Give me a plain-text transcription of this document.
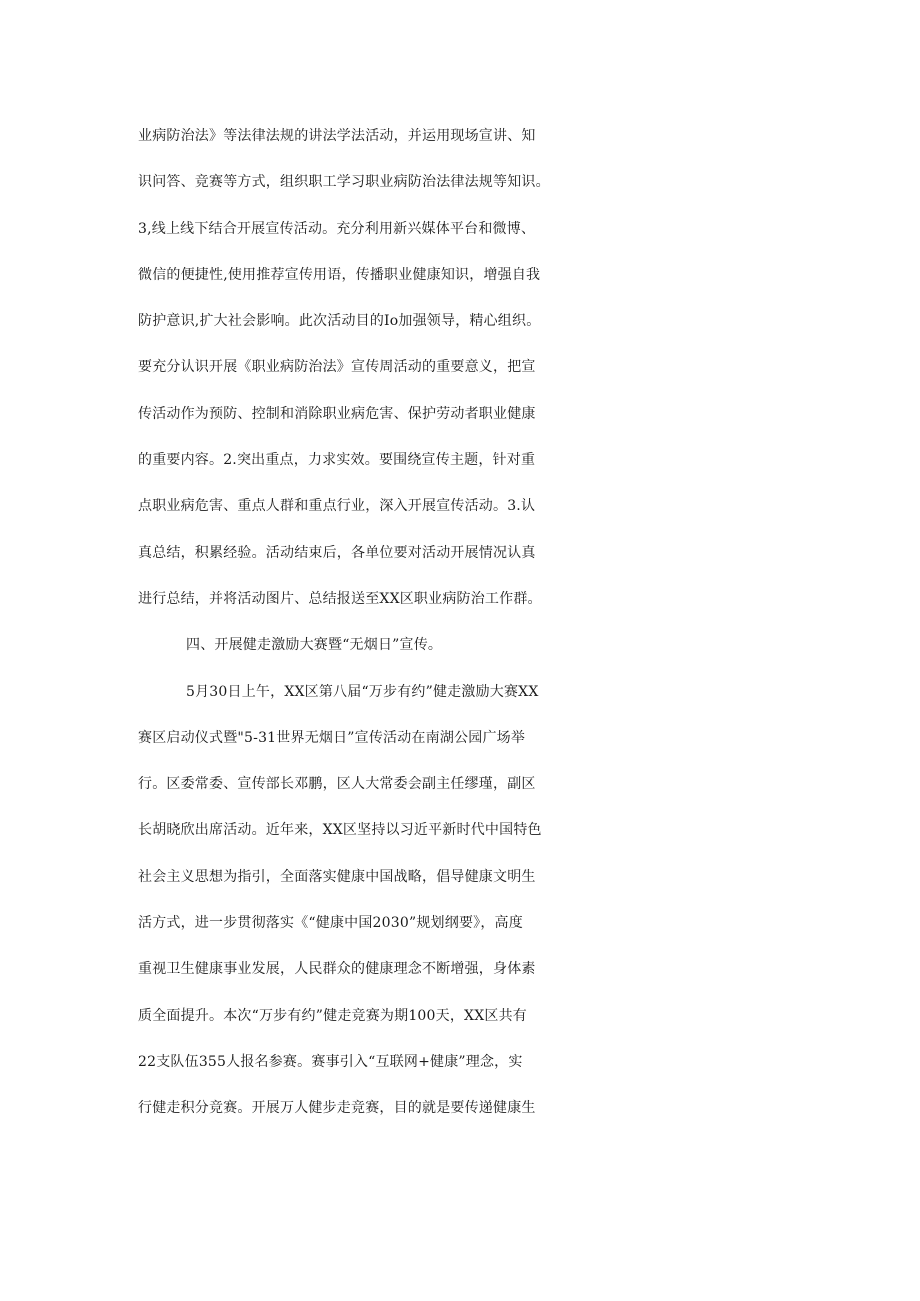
业病防治法》等法律法规的讲法学法活动，并运用现场宣讲、知
识问答、竞赛等方式，组织职工学习职业病防治法律法规等知识。
3,线上线下结合开展宣传活动。充分利用新兴媒体平台和微博、
微信的便捷性,使用推荐宣传用语，传播职业健康知识，增强自我
防护意识,扩大社会影响。此次活动目的Io加强领导，精心组织。
要充分认识开展《职业病防治法》宣传周活动的重要意义，把宣
传活动作为预防、控制和消除职业病危害、保护劳动者职业健康
的重要内容。2.突出重点，力求实效。要围绕宣传主题，针对重
点职业病危害、重点人群和重点行业，深入开展宣传活动。3.认
真总结，积累经验。活动结束后，各单位要对活动开展情况认真
进行总结，并将活动图片、总结报送至XX区职业病防治工作群。
四、开展健走激励大赛暨“无烟日”宣传。
5月30日上午，XX区第八届“万步有约”健走激励大赛XX
赛区启动仪式暨"5-31世界无烟日”宣传活动在南湖公园广场举
行。区委常委、宣传部长邓鹏，区人大常委会副主任缪瑾，副区
长胡晓欣出席活动。近年来，XX区坚持以习近平新时代中国特色
社会主义思想为指引，全面落实健康中国战略，倡导健康文明生
活方式，进一步贯彻落实《“健康中国2030”规划纲要》，高度
重视卫生健康事业发展，人民群众的健康理念不断增强，身体素
质全面提升。本次“万步有约”健走竞赛为期100天，XX区共有
22支队伍355人报名参赛。赛事引入“互联网+健康”理念，实
行健走积分竞赛。开展万人健步走竞赛，目的就是要传递健康生
